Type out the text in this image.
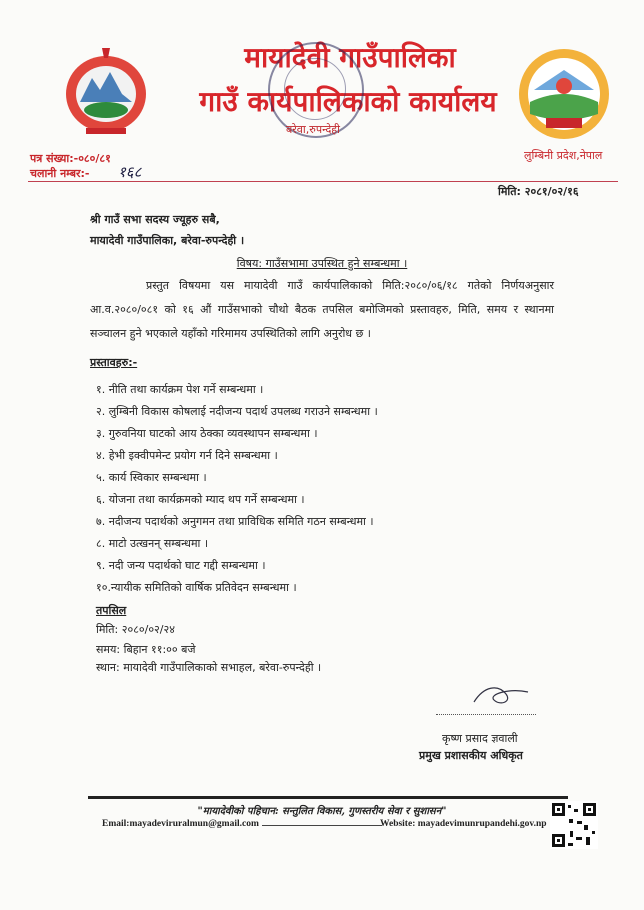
मायादेवी गाउँपालिका
गाउँ कार्यपालिकाको कार्यालय
बरेवा,रुपन्देही
लुम्बिनी प्रदेश,नेपाल
पत्र संख्या:-०८०/८१
चलानी नम्बर:- १६८
मिति: २०८१/०२/१६
श्री गाउँ सभा सदस्य ज्यूहरु सबै,
मायादेवी गाउँपालिका, बरेवा-रुपन्देही ।
विषय: गाउँसभामा उपस्थित हुने सम्बन्धमा ।
प्रस्तुत विषयमा यस मायादेवी गाउँ कार्यपालिकाको मिति:२०८०/०६/१८ गतेको निर्णयअनुसार आ.व.२०८०/०८१ को १६ औं गाउँसभाको चौथो बैठक तपसिल बमोजिमको प्रस्तावहरु, मिति, समय र स्थानमा सञ्चालन हुने भएकाले यहाँको गरिमामय उपस्थितिको लागि अनुरोध छ ।
प्रस्तावहरु:-
१. नीति तथा कार्यक्रम पेश गर्ने सम्बन्धमा ।
२. लुम्बिनी विकास कोषलाई नदीजन्य पदार्थ उपलब्ध गराउने सम्बन्धमा ।
३. गुरुवनिया घाटको आय ठेक्का व्यवस्थापन सम्बन्धमा ।
४. हेभी इक्वीपमेन्ट प्रयोग गर्न दिने सम्बन्धमा ।
५. कार्य स्विकार सम्बन्धमा ।
६. योजना तथा कार्यक्रमको म्याद थप गर्ने सम्बन्धमा ।
७. नदीजन्य पदार्थको अनुगमन तथा प्राविधिक समिति गठन सम्बन्धमा ।
८. माटो उत्खनन् सम्बन्धमा ।
९. नदी जन्य पदार्थको घाट गद्दी सम्बन्धमा ।
१०.न्यायीक समितिको वार्षिक प्रतिवेदन सम्बन्धमा ।
तपसिल
मिति: २०८०/०२/२४
समय: बिहान ११:०० बजे
स्थान: मायादेवी गाउँपालिकाको सभाहल, बरेवा-रुपन्देही ।
कृष्ण प्रसाद ज्ञवाली
प्रमुख प्रशासकीय अधिकृत
"मायादेवीको पहिचान: सन्तुलित विकास, गुणस्तरीय सेवा र सुशासन"
Email:mayadeviruralmun@gmail.com	Website: mayadevimunrupandehi.gov.np
